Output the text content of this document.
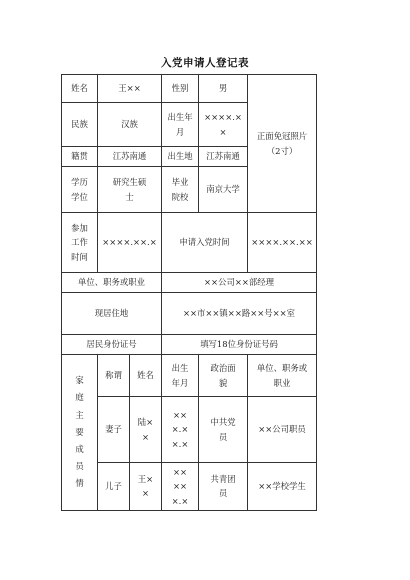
入党申请人登记表
姓名	王××		性别	男	正面免冠照片
（2寸）

民族	汉族		出生年月	××××.××	
籍贯	江苏南通		出生地	江苏南通	
学历学位	研究生硕士		毕业院校	南京大学	
参加工作时间	××××.××.×		申请入党时间		××××.××.××
单位、职务或职业			××公司××部经理		
现居住地			××市××镇××路××号××室		
居民身份证号			填写18位身份证号码		
家庭主要成员情	称谓	姓名	出生年月	政治面貌	单位、职务或职业
	妻子	陆××	×××.××.×	中共党员	××公司职员
	儿子	王××	×××××.×	共青团员	××学校学生
